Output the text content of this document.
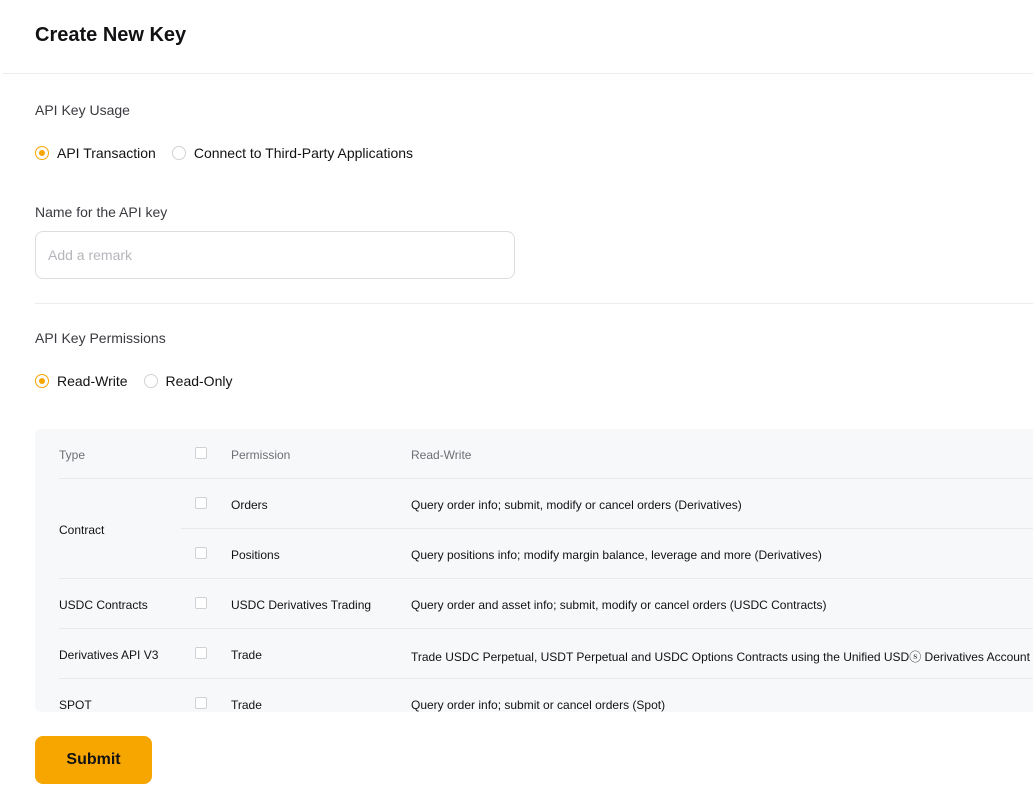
Create New Key
API Key Usage
API Transaction	Connect to Third-Party Applications
Name for the API key
Add a remark
API Key Permissions
Read-Write	Read-Only
Type	Permission	Read-Write
Contract
Orders	Query order info; submit, modify or cancel orders (Derivatives)
Positions	Query positions info; modify margin balance, leverage and more (Derivatives)
USDC Contracts	USDC Derivatives Trading	Query order and asset info; submit, modify or cancel orders (USDC Contracts)
Derivatives API V3	Trade	Trade USDC Perpetual, USDT Perpetual and USDC Options Contracts using the Unified USDⓢ Derivatives Account
SPOT	Trade	Query order info; submit or cancel orders (Spot)
Submit
